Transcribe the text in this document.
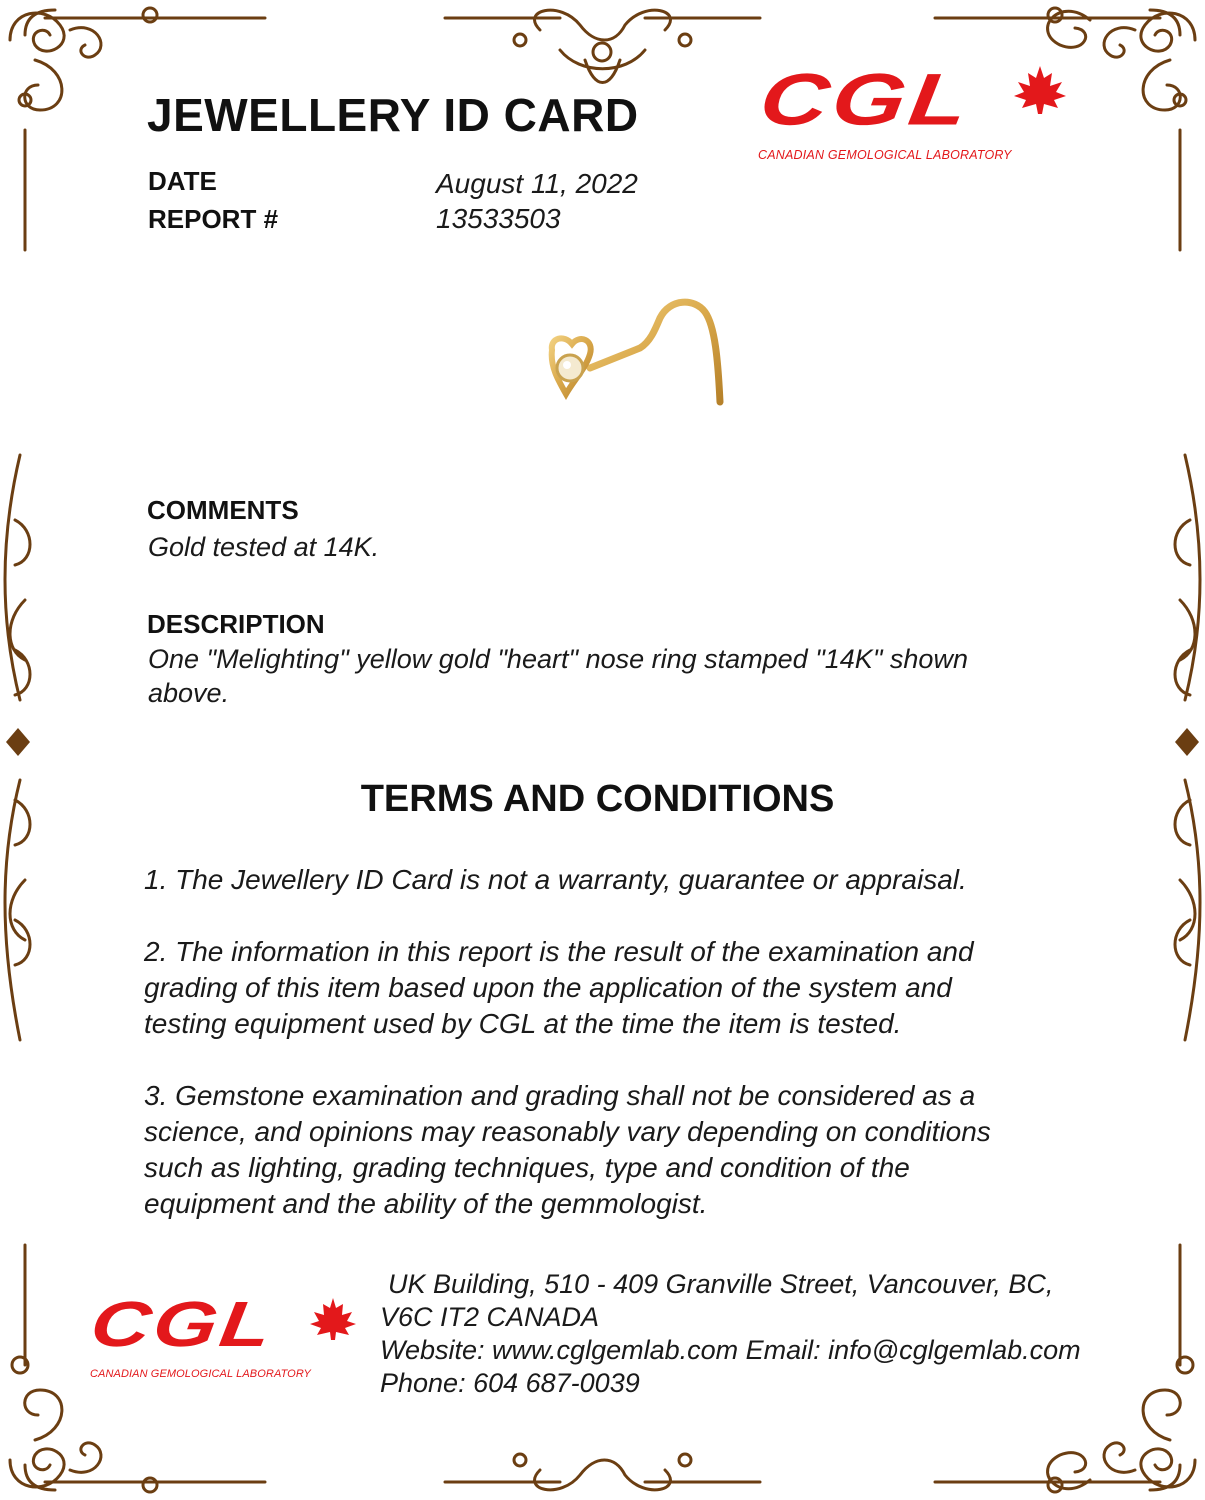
JEWELLERY ID CARD
DATE	August 11, 2022
REPORT #	13533503
CGL
CANADIAN GEMOLOGICAL LABORATORY
COMMENTS
Gold tested at 14K.
DESCRIPTION
One "Melighting" yellow gold "heart" nose ring stamped "14K" shown
above.
TERMS AND CONDITIONS
1. The Jewellery ID Card is not a warranty, guarantee or appraisal.
2. The information in this report is the result of the examination and
grading of this item based upon the application of the system and
testing equipment used by CGL at the time the item is tested.
3. Gemstone examination and grading shall not be considered as a
science, and opinions may reasonably vary depending on conditions
such as lighting, grading techniques, type and condition of the
equipment and the ability of the gemmologist.
CGL
CANADIAN GEMOLOGICAL LABORATORY
UK Building, 510 - 409 Granville Street, Vancouver, BC,
V6C IT2 CANADA
Website: www.cglgemlab.com Email: info@cglgemlab.com
Phone: 604 687-0039
